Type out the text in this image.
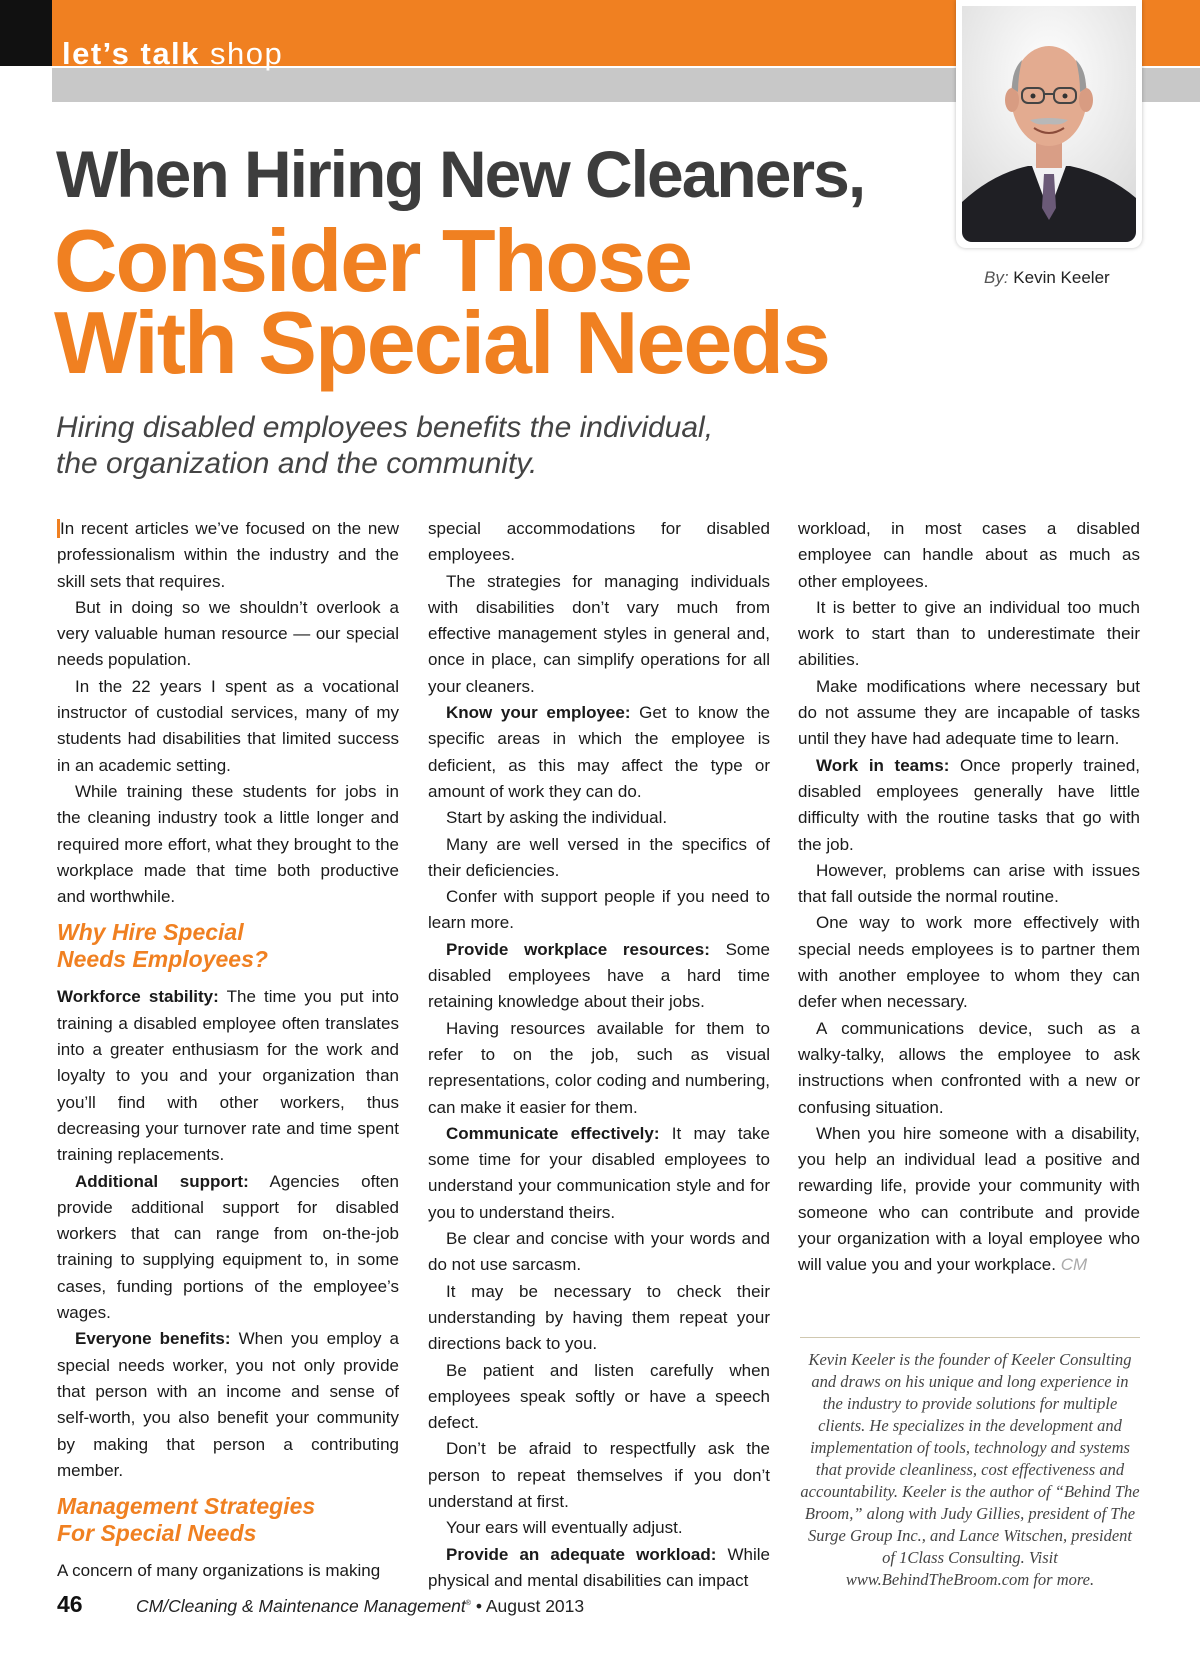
let’s talk shop
By: Kevin Keeler
When Hiring New Cleaners,
Consider Those
With Special Needs
Hiring disabled employees benefits the individual,
the organization and the community.

In recent articles we’ve focused on the new professionalism within the industry and the skill sets that requires.

But in doing so we shouldn’t overlook a very valuable human resource — our special needs population.

In the 22 years I spent as a vocational instructor of custodial services, many of my students had disabilities that limited success in an academic setting.

While training these students for jobs in the cleaning industry took a little longer and required more effort, what they brought to the workplace made that time both productive and worthwhile.

Why Hire Special
Needs Employees?

Workforce stability: The time you put into training a disabled employee often translates into a greater enthusiasm for the work and loyalty to you and your organization than you’ll find with other workers, thus decreasing your turnover rate and time spent training replacements.

Additional support: Agencies often provide additional support for disabled workers that can range from on-the-job training to supplying equipment to, in some cases, funding portions of the employee’s wages.

Everyone benefits: When you employ a special needs worker, you not only provide that person with an income and sense of self-worth, you also benefit your community by making that person a contributing member.

Management Strategies
For Special Needs

A concern of many organizations is making

special accommodations for disabled employees.

The strategies for managing individuals with disabilities don’t vary much from effective management styles in general and, once in place, can simplify operations for all your cleaners.

Know your employee: Get to know the specific areas in which the employee is deficient, as this may affect the type or amount of work they can do.

Start by asking the individual.

Many are well versed in the specifics of their deficiencies.

Confer with support people if you need to learn more.

Provide workplace resources: Some disabled employees have a hard time retaining knowledge about their jobs.

Having resources available for them to refer to on the job, such as visual representations, color coding and numbering, can make it easier for them.

Communicate effectively: It may take some time for your disabled employees to understand your communication style and for you to understand theirs.

Be clear and concise with your words and do not use sarcasm.

It may be necessary to check their understanding by having them repeat your directions back to you.

Be patient and listen carefully when employees speak softly or have a speech defect.

Don’t be afraid to respectfully ask the person to repeat themselves if you don’t understand at first.

Your ears will eventually adjust.

Provide an adequate workload: While physical and mental disabilities can impact

workload, in most cases a disabled employee can handle about as much as other employees.

It is better to give an individual too much work to start than to underestimate their abilities.

Make modifications where necessary but do not assume they are incapable of tasks until they have had adequate time to learn.

Work in teams: Once properly trained, disabled employees generally have little difficulty with the routine tasks that go with the job.

However, problems can arise with issues that fall outside the normal routine.

One way to work more effectively with special needs employees is to partner them with another employee to whom they can defer when necessary.

A communications device, such as a walky-talky, allows the employee to ask instructions when confronted with a new or confusing situation.

When you hire someone with a disability, you help an individual lead a positive and rewarding life, provide your community with someone who can contribute and provide your organization with a loyal employee who will value you and your workplace. CM

Kevin Keeler is the founder of Keeler Consulting and draws on his unique and long experience in the industry to provide solutions for multiple clients. He specializes in the development and implementation of tools, technology and systems that provide cleanliness, cost effectiveness and accountability. Keeler is the author of “Behind The Broom,” along with Judy Gillies, president of The Surge Group Inc., and Lance Witschen, president of 1Class Consulting. Visit www.BehindTheBroom.com for more.
46	CM/Cleaning & Maintenance Management® • August 2013
